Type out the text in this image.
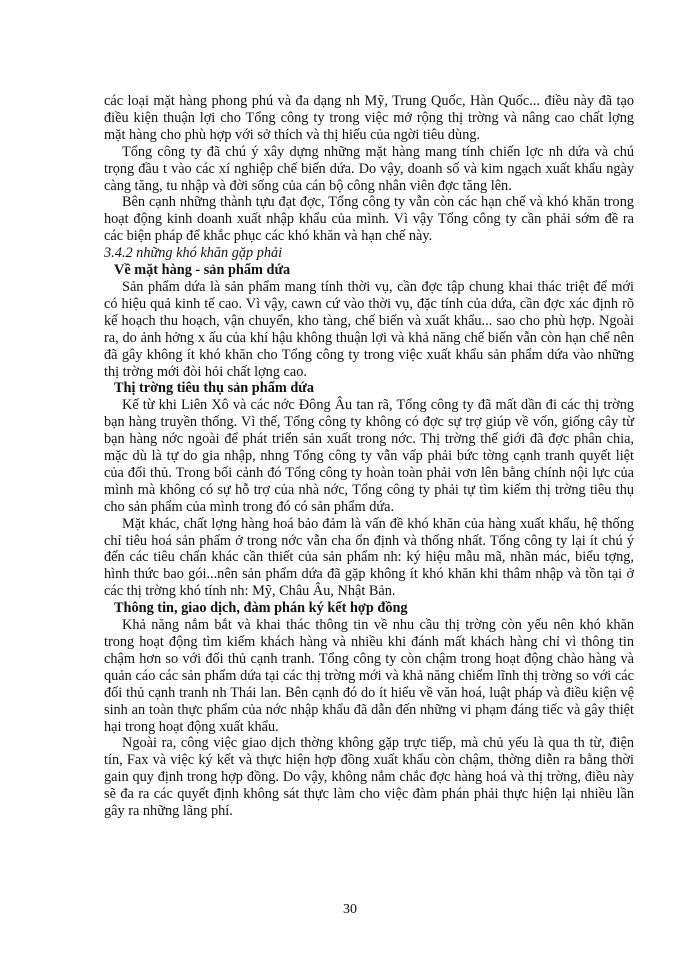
các loại mặt hàng phong phú và đa dạng nh Mỹ, Trung Quốc, Hàn Quốc... điều này đã tạo điều kiện thuận lợi cho Tổng công ty trong việc mở rộng thị trờng và nâng cao chất lợng mặt hàng cho phù hợp với sở thích và thị hiếu của ngời tiêu dùng.

Tổng công ty đã chú ý xây dựng những mặt hàng mang tính chiến lợc nh dứa và chú trọng đầu t vào các xí nghiệp chế biến dứa. Do vậy, doanh số và kim ngạch xuất khẩu ngày càng tăng, tu nhập và đời sống của cán bộ công nhân viên đợc tăng lên.

Bên cạnh những thành tựu đạt đợc, Tổng công ty vẫn còn các hạn chế và khó khăn trong hoạt động kinh doanh xuất nhập khẩu của mình. Vì vậy Tổng công ty cần phải sớm đề ra các biện pháp để khắc phục các khó khăn và hạn chế này.

3.4.2 những khó khăn gặp phải

Về mặt hàng - sản phẩm dứa

Sản phẩm dứa là sản phẩm mang tính thời vụ, cần đợc tập chung khai thác triệt để mới có hiệu quả kinh tế cao. Vì vậy, cawn cứ vào thời vụ, đặc tính của dứa, cần đợc xác định rõ kế hoạch thu hoạch, vận chuyển, kho tàng, chế biến và xuất khẩu... sao cho phù hợp. Ngoài ra, do ảnh hởng x ấu của khí hậu không thuận lợi và khả năng chế biến vẫn còn hạn chế nên đã gây không ít khó khăn cho Tổng công ty trong việc xuất khẩu sản phẩm dứa vào những thị trờng mới đòi hỏi chất lợng cao.

Thị trờng tiêu thụ sản phẩm dứa

Kể từ khi Liên Xô và các nớc Đông Âu tan rã, Tổng công ty đã mất dần đi các thị trờng bạn hàng truyền thống. Vì thế, Tổng công ty không có đợc sự trợ giúp về vốn, giống cây từ bạn hàng nớc ngoài để phát triển sản xuất trong nớc. Thị trờng thế giới đã đợc phân chia, mặc dù là tự do gia nhập, nhng Tổng công ty vẫn vấp phải bức tờng cạnh tranh quyết liệt của đối thủ. Trong bối cảnh đó Tổng công ty hoàn toàn phải vơn lên bằng chính nội lực của mình mà không có sự hỗ trợ của nhà nớc, Tổng công ty phải tự tìm kiếm thị trờng tiêu thụ cho sản phẩm của mình trong đó có sản phẩm dứa.

Mặt khác, chất lợng hàng hoá bảo đảm là vấn đề khó khăn của hàng xuất khẩu, hệ thống chỉ tiêu hoá sản phẩm ở trong nớc vẫn cha ổn định và thống nhất. Tổng công ty lại ít chú ý đến các tiêu chẩn khác cần thiết của sản phẩm nh: ký hiệu mẫu mã, nhãn mác, biểu tợng, hình thức bao gói...nên sản phẩm dứa đã gặp không ít khó khăn khi thâm nhập và tồn tại ở các thị trờng khó tính nh: Mỹ, Châu Âu, Nhật Bản.

Thông tin, giao dịch, đàm phán ký kết hợp đồng

Khả năng nắm bắt và khai thác thông tin về nhu cầu thị trờng còn yếu nên khó khăn trong hoạt động tìm kiếm khách hàng và nhiều khi đánh mất khách hàng chỉ vì thông tin chậm hơn so với đối thủ cạnh tranh. Tổng công ty còn chậm trong hoạt động chào hàng và quản cáo các sản phẩm dứa tại các thị trờng mới và khả năng chiếm lĩnh thị trờng so với các đối thủ cạnh tranh nh Thái lan. Bên cạnh đó do ít hiểu về văn hoá, luật pháp và điều kiện vệ sinh an toàn thực phẩm của nớc nhập khẩu đã dẫn đến những vi phạm đáng tiếc và gây thiệt hại trong hoạt động xuất khẩu.

Ngoài ra, công việc giao dịch thờng không gặp trực tiếp, mà chủ yếu là qua th từ, điện tín, Fax và việc ký kết và thực hiện hợp đồng xuất khẩu còn chậm, thờng diễn ra bằng thời gain quy định trong hợp đồng. Do vậy, không nắm chắc đợc hàng hoá và thị trờng, điều này sẽ đa ra các quyết định không sát thực làm cho việc đàm phán phải thực hiện lại nhiều lần gây ra những lãng phí.

30
